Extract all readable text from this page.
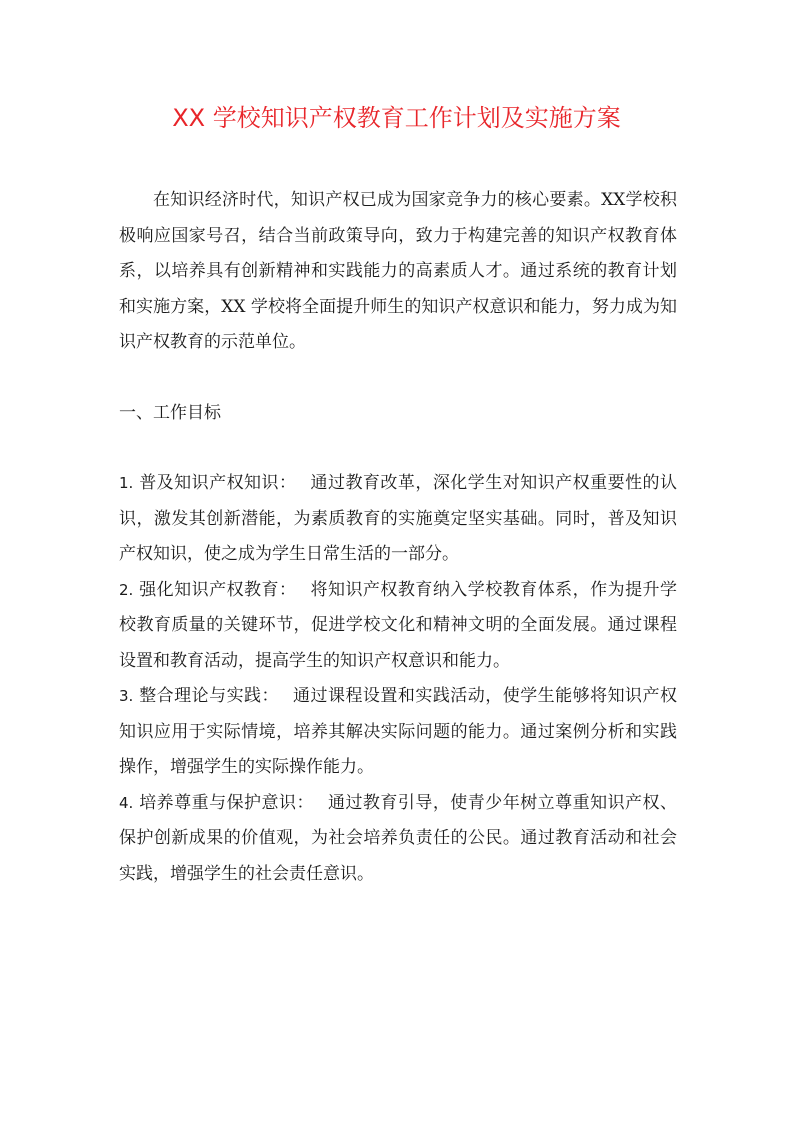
XX 学校知识产权教育工作计划及实施方案

在知识经济时代，知识产权已成为国家竞争力的核心要素。XX学校积极响应国家号召，结合当前政策导向，致力于构建完善的知识产权教育体系，以培养具有创新精神和实践能力的高素质人才。通过系统的教育计划和实施方案，XX 学校将全面提升师生的知识产权意识和能力，努力成为知识产权教育的示范单位。

一、工作目标

1. 普及知识产权知识： 通过教育改革，深化学生对知识产权重要性的认识，激发其创新潜能，为素质教育的实施奠定坚实基础。同时，普及知识产权知识，使之成为学生日常生活的一部分。

2. 强化知识产权教育： 将知识产权教育纳入学校教育体系，作为提升学校教育质量的关键环节，促进学校文化和精神文明的全面发展。通过课程设置和教育活动，提高学生的知识产权意识和能力。

3. 整合理论与实践： 通过课程设置和实践活动，使学生能够将知识产权知识应用于实际情境，培养其解决实际问题的能力。通过案例分析和实践操作，增强学生的实际操作能力。

4. 培养尊重与保护意识： 通过教育引导，使青少年树立尊重知识产权、保护创新成果的价值观，为社会培养负责任的公民。通过教育活动和社会实践，增强学生的社会责任意识。
